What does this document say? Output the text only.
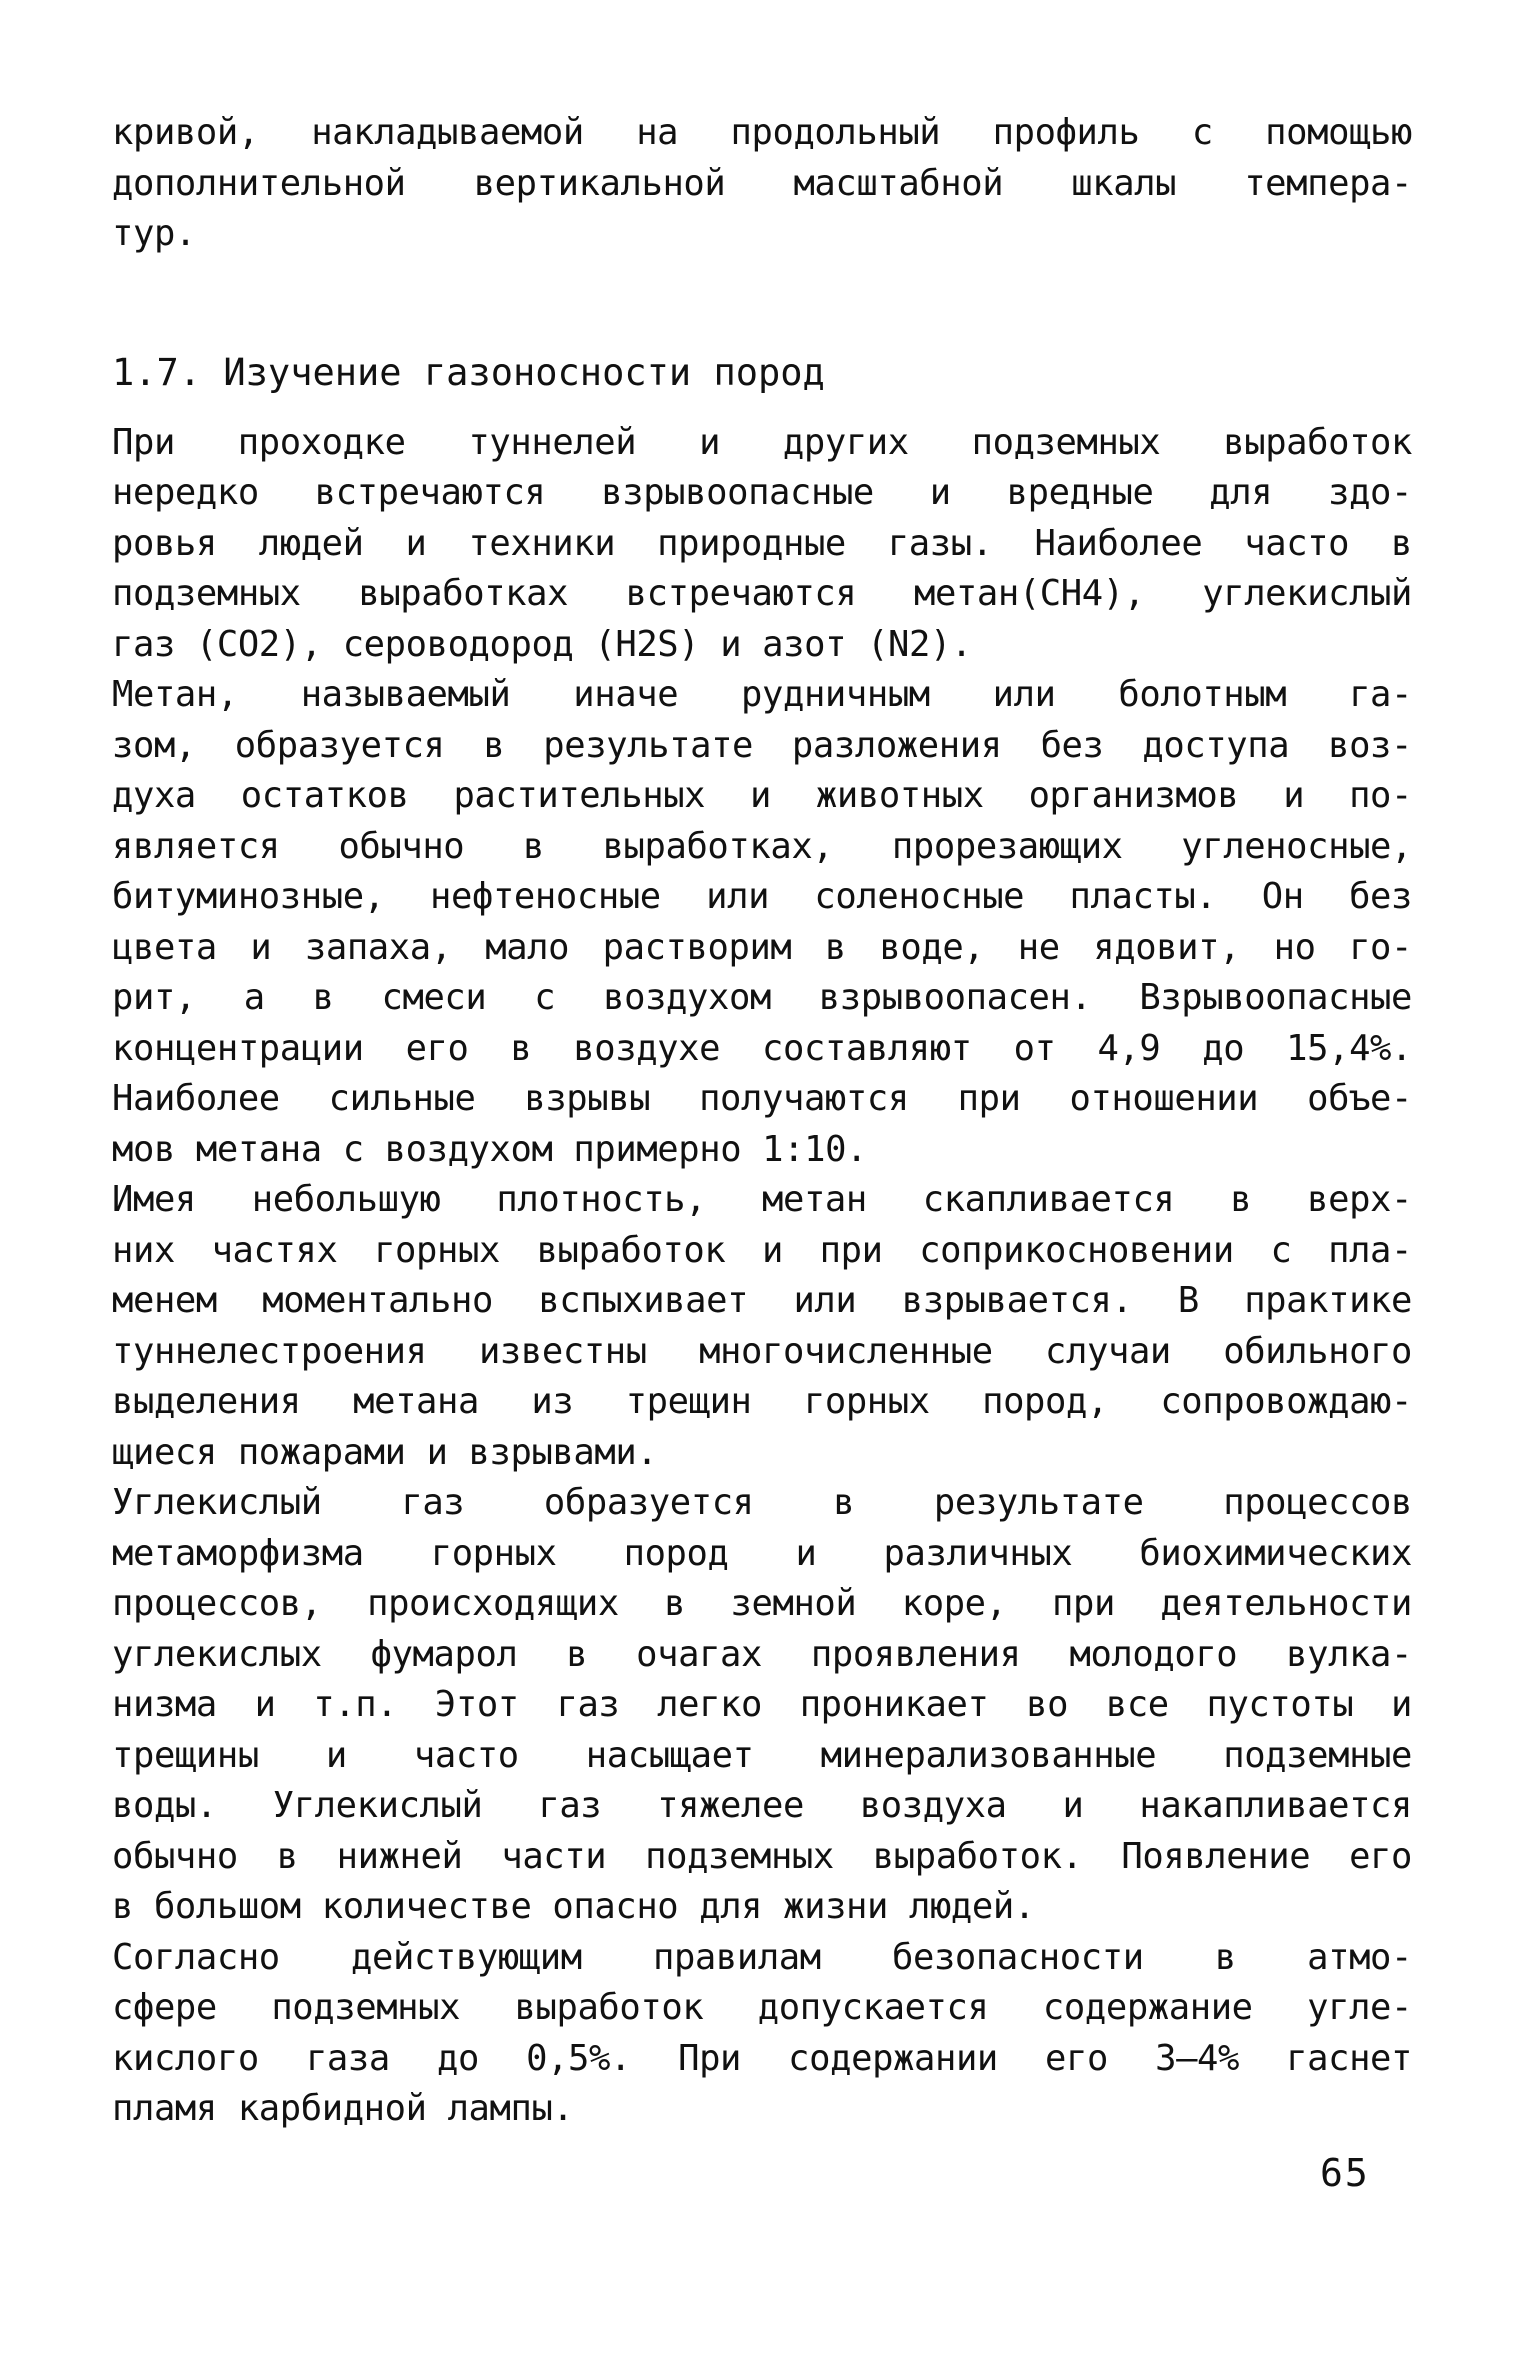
кривой, накладываемой на продольный профиль с помощью
дополнительной вертикальной масштабной шкалы темпера-
тур.
1.7. Изучение газоносности пород
При проходке туннелей и других подземных выработок
нередко встречаются взрывоопасные и вредные для здо-
ровья людей и техники природные газы. Наиболее часто в
подземных выработках встречаются метан(CH4), углекислый
газ (CO2), сероводород (H2S) и азот (N2).
Метан, называемый иначе рудничным или болотным га-
зом, образуется в результате разложения без доступа воз-
духа остатков растительных и животных организмов и по-
является обычно в выработках, прорезающих угленосные,
битуминозные, нефтеносные или соленосные пласты. Он без
цвета и запаха, мало растворим в воде, не ядовит, но го-
рит, а в смеси с воздухом взрывоопасен. Взрывоопасные
концентрации его в воздухе составляют от 4,9 до 15,4%.
Наиболее сильные взрывы получаются при отношении объе-
мов метана с воздухом примерно 1:10.
Имея небольшую плотность, метан скапливается в верх-
них частях горных выработок и при соприкосновении с пла-
менем моментально вспыхивает или взрывается. В практике
туннелестроения известны многочисленные случаи обильного
выделения метана из трещин горных пород, сопровождаю-
щиеся пожарами и взрывами.
Углекислый газ образуется в результате процессов
метаморфизма горных пород и различных биохимических
процессов, происходящих в земной коре, при деятельности
углекислых фумарол в очагах проявления молодого вулка-
низма и т.п. Этот газ легко проникает во все пустоты и
трещины и часто насыщает минерализованные подземные
воды. Углекислый газ тяжелее воздуха и накапливается
обычно в нижней части подземных выработок. Появление его
в большом количестве опасно для жизни людей.
Согласно действующим правилам безопасности в атмо-
сфере подземных выработок допускается содержание угле-
кислого газа до 0,5%. При содержании его 3–4% гаснет
пламя карбидной лампы.
65
